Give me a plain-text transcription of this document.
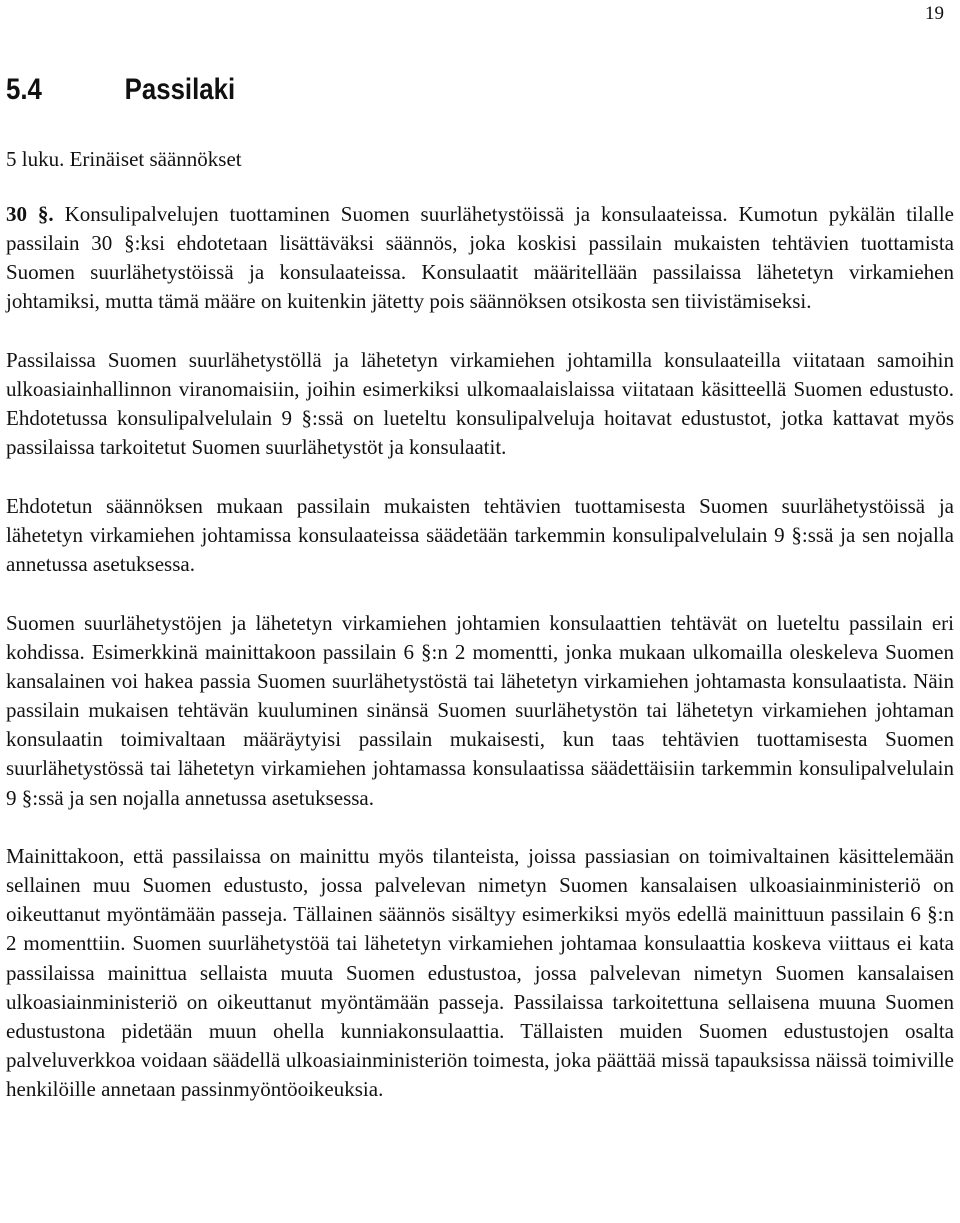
19
5.4	Passilaki
5 luku. Erinäiset säännökset

30 §. Konsulipalvelujen tuottaminen Suomen suurlähetystöissä ja konsulaateissa. Kumotun pykälän tilalle passilain 30 §:ksi ehdotetaan lisättäväksi säännös, joka koskisi passilain mukaisten tehtävien tuottamista Suomen suurlähetystöissä ja konsulaateissa. Konsulaatit määritellään passilaissa lähetetyn virkamiehen johtamiksi, mutta tämä määre on kuitenkin jätetty pois säännöksen otsikosta sen tiivistämiseksi.

Passilaissa Suomen suurlähetystöllä ja lähetetyn virkamiehen johtamilla konsulaateilla viitataan samoihin ulkoasiainhallinnon viranomaisiin, joihin esimerkiksi ulkomaalaislaissa viitataan käsitteellä Suomen edustusto. Ehdotetussa konsulipalvelulain 9 §:ssä on lueteltu konsulipalveluja hoitavat edustustot, jotka kattavat myös passilaissa tarkoitetut Suomen suurlähetystöt ja konsulaatit.

Ehdotetun säännöksen mukaan passilain mukaisten tehtävien tuottamisesta Suomen suurlähetystöissä ja lähetetyn virkamiehen johtamissa konsulaateissa säädetään tarkemmin konsulipalvelulain 9 §:ssä ja sen nojalla annetussa asetuksessa.

Suomen suurlähetystöjen ja lähetetyn virkamiehen johtamien konsulaattien tehtävät on lueteltu passilain eri kohdissa. Esimerkkinä mainittakoon passilain 6 §:n 2 momentti, jonka mukaan ulkomailla oleskeleva Suomen kansalainen voi hakea passia Suomen suurlähetystöstä tai lähetetyn virkamiehen johtamasta konsulaatista. Näin passilain mukaisen tehtävän kuuluminen sinänsä Suomen suurlähetystön tai lähetetyn virkamiehen johtaman konsulaatin toimivaltaan määräytyisi passilain mukaisesti, kun taas tehtävien tuottamisesta Suomen suurlähetystössä tai lähetetyn virkamiehen johtamassa konsulaatissa säädettäisiin tarkemmin konsulipalvelulain 9 §:ssä ja sen nojalla annetussa asetuksessa.

Mainittakoon, että passilaissa on mainittu myös tilanteista, joissa passiasian on toimivaltainen käsittelemään sellainen muu Suomen edustusto, jossa palvelevan nimetyn Suomen kansalaisen ulkoasiainministeriö on oikeuttanut myöntämään passeja. Tällainen säännös sisältyy esimerkiksi myös edellä mainittuun passilain 6 §:n 2 momenttiin. Suomen suurlähetystöä tai lähetetyn virkamiehen johtamaa konsulaattia koskeva viittaus ei kata passilaissa mainittua sellaista muuta Suomen edustustoa, jossa palvelevan nimetyn Suomen kansalaisen ulkoasiainministeriö on oikeuttanut myöntämään passeja. Passilaissa tarkoitettuna sellaisena muuna Suomen edustustona pidetään muun ohella kunniakonsulaattia. Tällaisten muiden Suomen edustustojen osalta palveluverkkoa voidaan säädellä ulkoasiainministeriön toimesta, joka päättää missä tapauksissa näissä toimiville henkilöille annetaan passinmyöntöoikeuksia.
